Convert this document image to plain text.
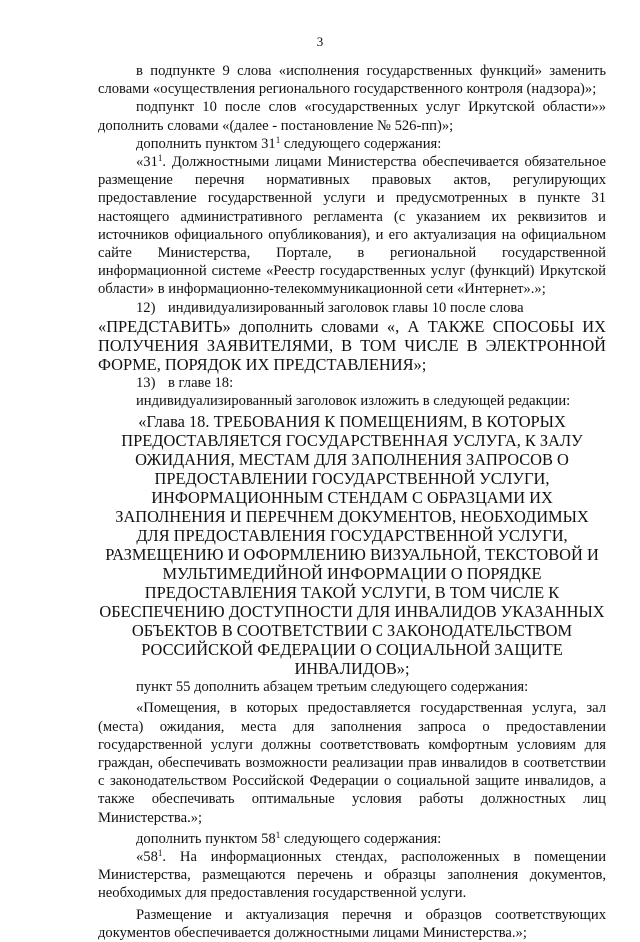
3

в подпункте 9 слова «исполнения государственных функций» заменить словами «осуществления регионального государственного контроля (надзора)»;

подпункт 10 после слов «государственных услуг Иркутской области»» дополнить словами «(далее - постановление № 526-пп)»;

дополнить пунктом $31^1$ следующего содержания:

«$31^1$. Должностными лицами Министерства обеспечивается обязательное размещение перечня нормативных правовых актов, регулирующих предоставление государственной услуги и предусмотренных в пункте 31 настоящего административного регламента (с указанием их реквизитов и источников официального опубликования), и его актуализация на официальном сайте Министерства, Портале, в региональной государственной информационной системе «Реестр государственных услуг (функций) Иркутской области» в информационно-телекоммуникационной сети «Интернет».»;

12) индивидуализированный заголовок главы 10 после слова

«ПРЕДСТАВИТЬ» дополнить словами «, А ТАКЖЕ СПОСОБЫ ИХ ПОЛУЧЕНИЯ ЗАЯВИТЕЛЯМИ, В ТОМ ЧИСЛЕ В ЭЛЕКТРОННОЙ ФОРМЕ, ПОРЯДОК ИХ ПРЕДСТАВЛЕНИЯ»;

13) в главе 18:

индивидуализированный заголовок изложить в следующей редакции:

«Глава 18. ТРЕБОВАНИЯ К ПОМЕЩЕНИЯМ, В КОТОРЫХ ПРЕДОСТАВЛЯЕТСЯ ГОСУДАРСТВЕННАЯ УСЛУГА, К ЗАЛУ ОЖИДАНИЯ, МЕСТАМ ДЛЯ ЗАПОЛНЕНИЯ ЗАПРОСОВ О ПРЕДОСТАВЛЕНИИ ГОСУДАРСТВЕННОЙ УСЛУГИ, ИНФОРМАЦИОННЫМ СТЕНДАМ С ОБРАЗЦАМИ ИХ ЗАПОЛНЕНИЯ И ПЕРЕЧНЕМ ДОКУМЕНТОВ, НЕОБХОДИМЫХ ДЛЯ ПРЕДОСТАВЛЕНИЯ ГОСУДАРСТВЕННОЙ УСЛУГИ, РАЗМЕЩЕНИЮ И ОФОРМЛЕНИЮ ВИЗУАЛЬНОЙ, ТЕКСТОВОЙ И МУЛЬТИМЕДИЙНОЙ ИНФОРМАЦИИ О ПОРЯДКЕ ПРЕДОСТАВЛЕНИЯ ТАКОЙ УСЛУГИ, В ТОМ ЧИСЛЕ К ОБЕСПЕЧЕНИЮ ДОСТУПНОСТИ ДЛЯ ИНВАЛИДОВ УКАЗАННЫХ ОБЪЕКТОВ В СООТВЕТСТВИИ С ЗАКОНОДАТЕЛЬСТВОМ РОССИЙСКОЙ ФЕДЕРАЦИИ О СОЦИАЛЬНОЙ ЗАЩИТЕ ИНВАЛИДОВ»;

пункт 55 дополнить абзацем третьим следующего содержания:

«Помещения, в которых предоставляется государственная услуга, зал (места) ожидания, места для заполнения запроса о предоставлении государственной услуги должны соответствовать комфортным условиям для граждан, обеспечивать возможности реализации прав инвалидов в соответствии с законодательством Российской Федерации о социальной защите инвалидов, а также обеспечивать оптимальные условия работы должностных лиц Министерства.»;

дополнить пунктом $58^1$ следующего содержания:

«$58^1$. На информационных стендах, расположенных в помещении Министерства, размещаются перечень и образцы заполнения документов, необходимых для предоставления государственной услуги.

Размещение и актуализация перечня и образцов соответствующих документов обеспечивается должностными лицами Министерства.»;
